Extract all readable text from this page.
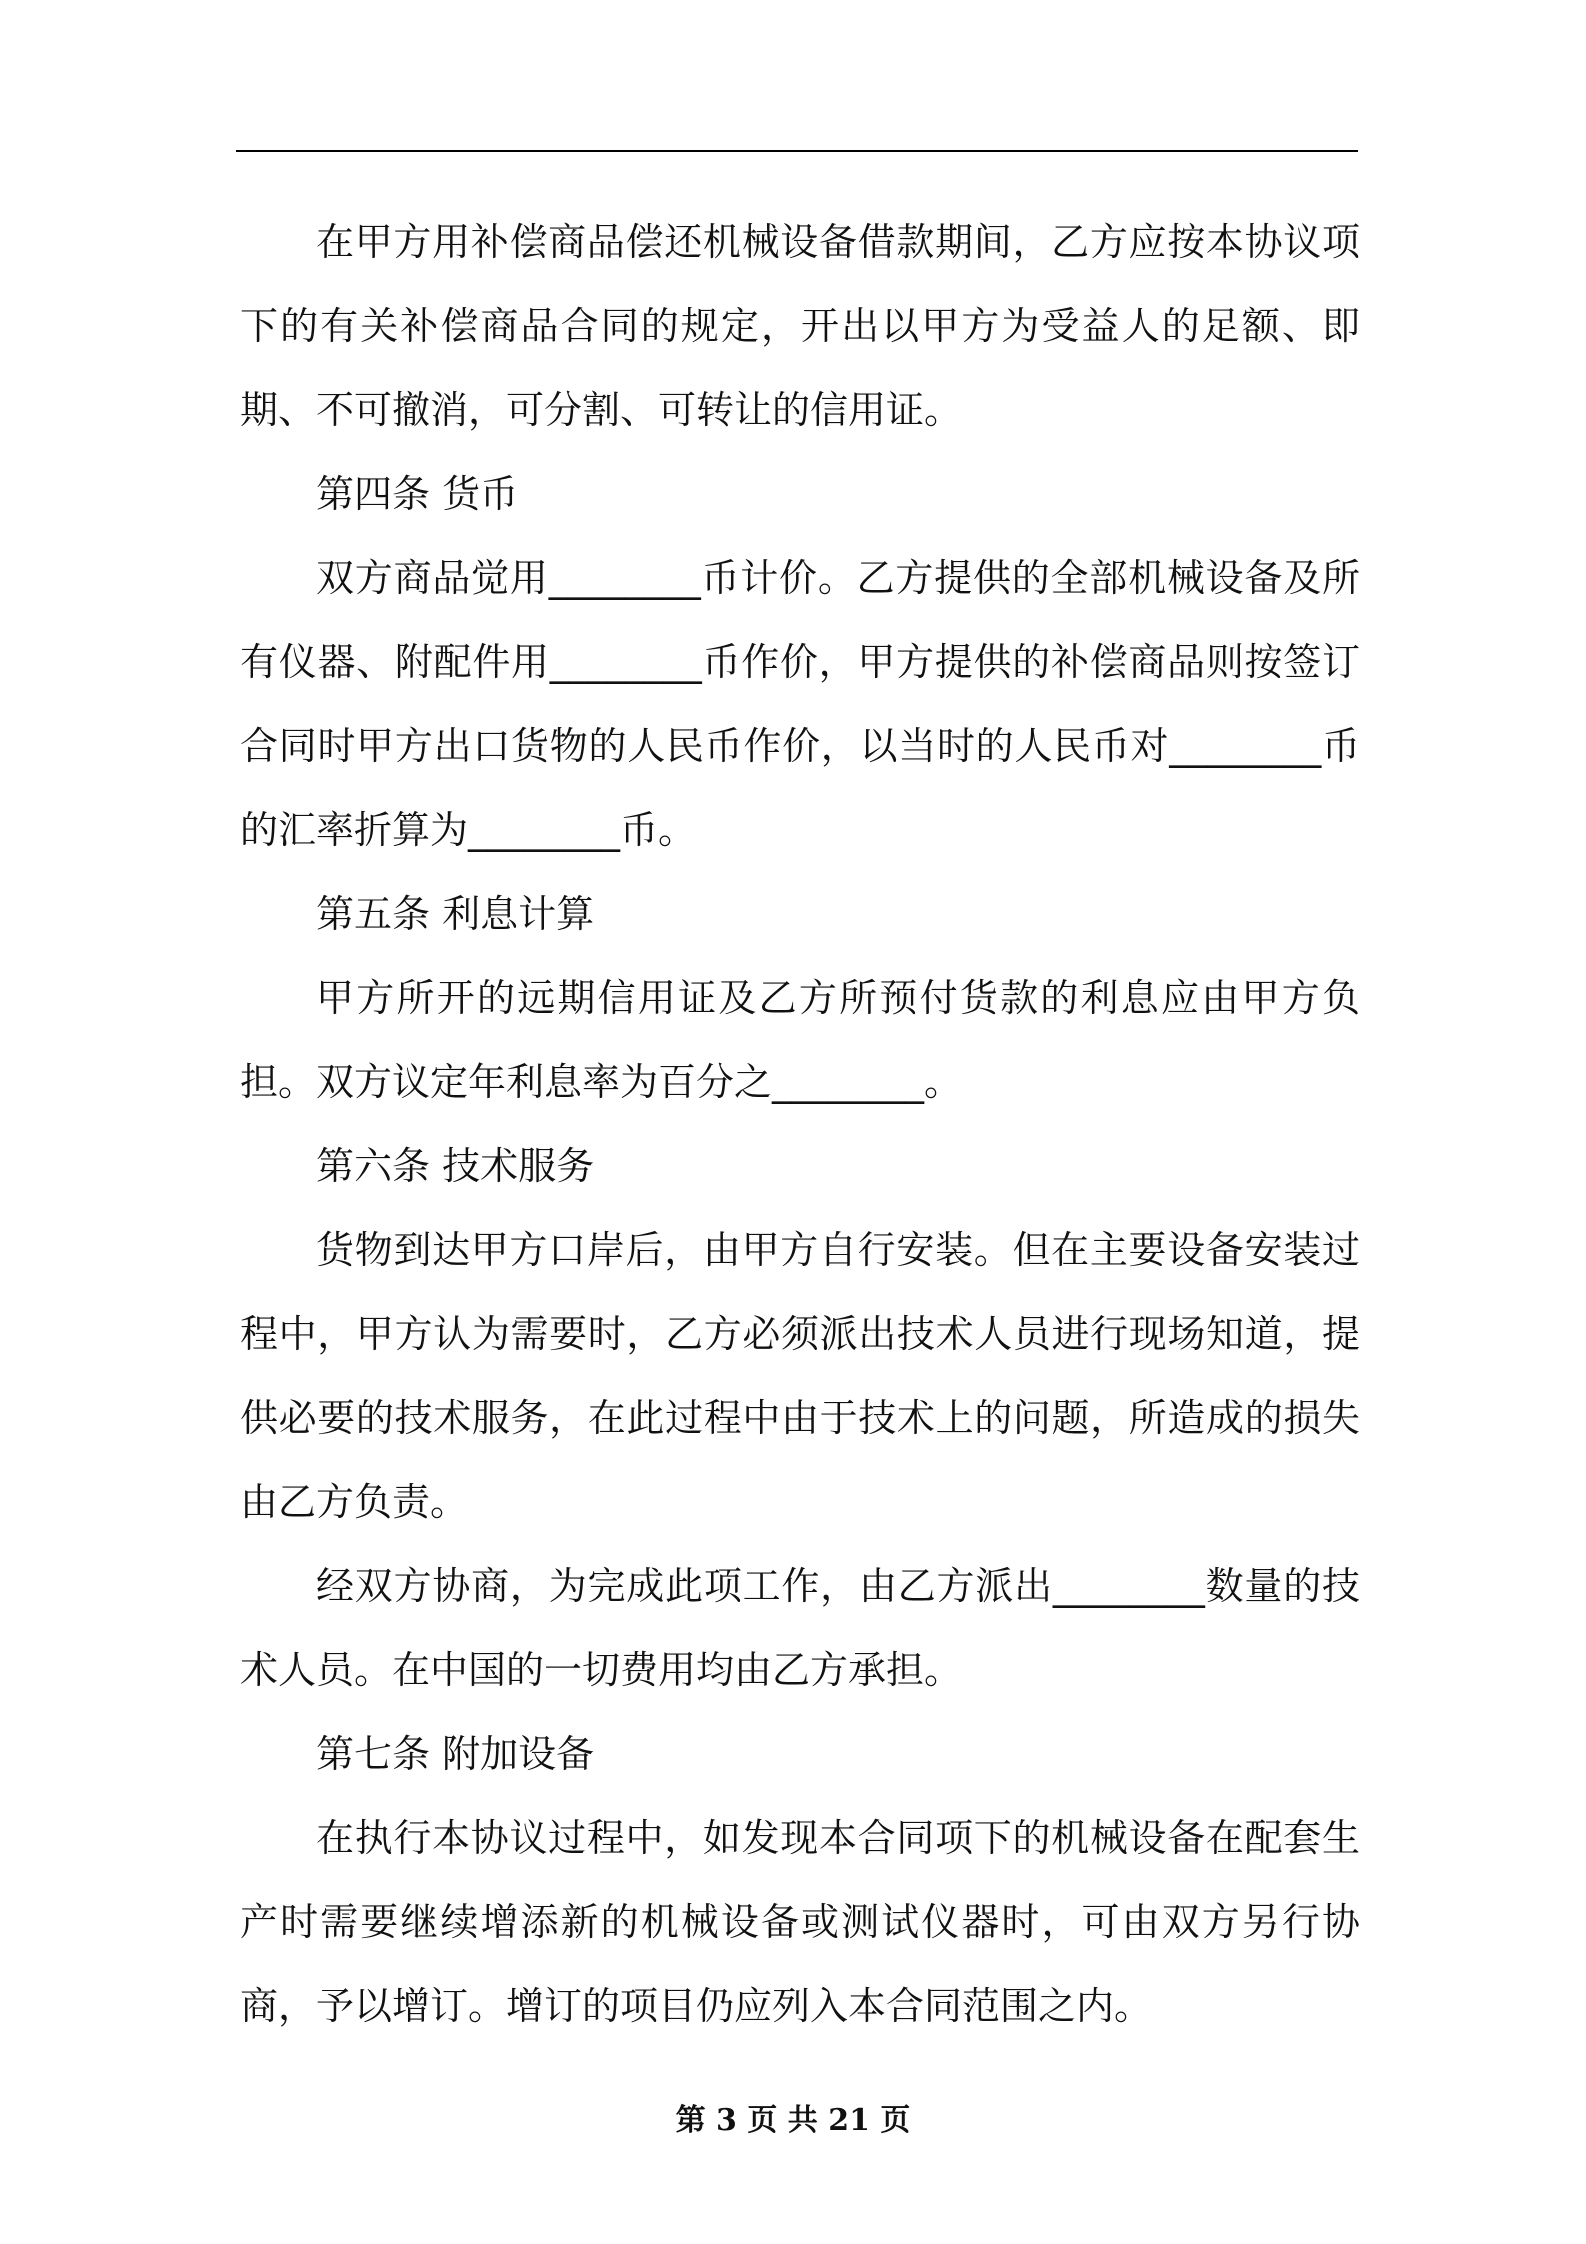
在甲方用补偿商品偿还机械设备借款期间，乙方应按本协议项下的有关补偿商品合同的规定，开出以甲方为受益人的足额、即期、不可撤消，可分割、可转让的信用证。

第四条 货币

双方商品觉用________币计价。乙方提供的全部机械设备及所有仪器、附配件用________币作价，甲方提供的补偿商品则按签订合同时甲方出口货物的人民币作价，以当时的人民币对________币的汇率折算为________币。

第五条 利息计算

甲方所开的远期信用证及乙方所预付货款的利息应由甲方负担。双方议定年利息率为百分之________。

第六条 技术服务

货物到达甲方口岸后，由甲方自行安装。但在主要设备安装过程中，甲方认为需要时，乙方必须派出技术人员进行现场知道，提供必要的技术服务，在此过程中由于技术上的问题，所造成的损失由乙方负责。

经双方协商，为完成此项工作，由乙方派出________数量的技术人员。在中国的一切费用均由乙方承担。

第七条 附加设备

在执行本协议过程中，如发现本合同项下的机械设备在配套生产时需要继续增添新的机械设备或测试仪器时，可由双方另行协商，予以增订。增订的项目仍应列入本合同范围之内。

第 3 页 共 21 页
